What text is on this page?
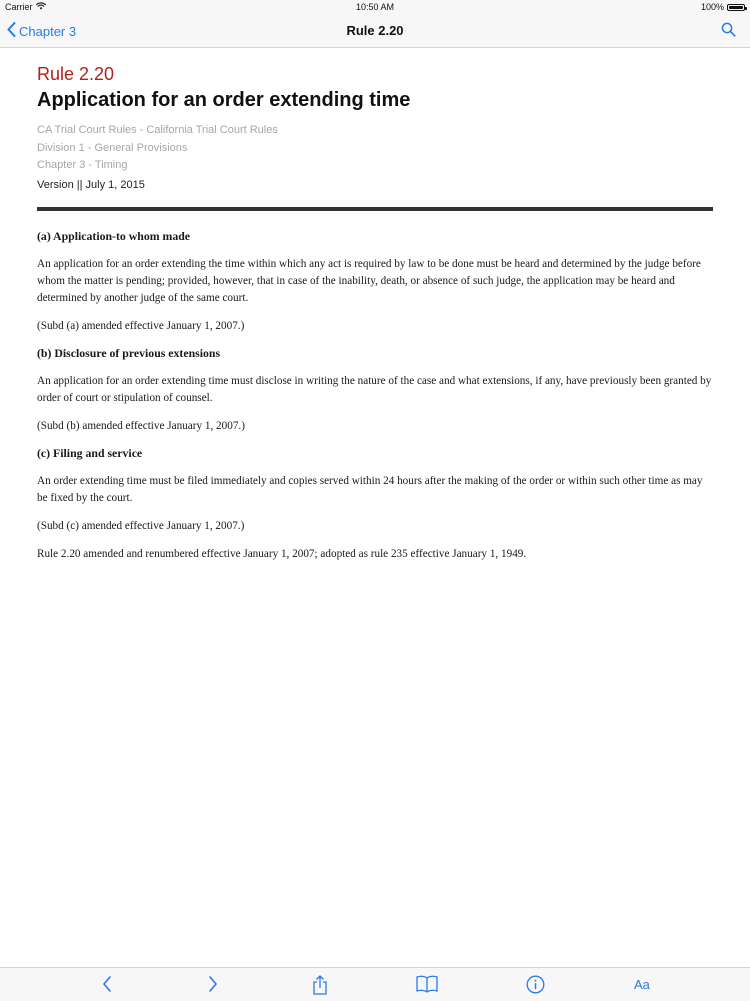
Carrier	10:50 AM	100%
Chapter 3	Rule 2.20
Rule 2.20
Application for an order extending time
CA Trial Court Rules - California Trial Court Rules
Division 1 - General Provisions
Chapter 3 - Timing
Version || July 1, 2015
(a) Application-to whom made

An application for an order extending the time within which any act is required by law to be done must be heard and determined by the judge before whom the matter is pending; provided, however, that in case of the inability, death, or absence of such judge, the application may be heard and determined by another judge of the same court.

(Subd (a) amended effective January 1, 2007.)

(b) Disclosure of previous extensions

An application for an order extending time must disclose in writing the nature of the case and what extensions, if any, have previously been granted by order of court or stipulation of counsel.

(Subd (b) amended effective January 1, 2007.)

(c) Filing and service

An order extending time must be filed immediately and copies served within 24 hours after the making of the order or within such other time as may be fixed by the court.

(Subd (c) amended effective January 1, 2007.)

Rule 2.20 amended and renumbered effective January 1, 2007; adopted as rule 235 effective January 1, 1949.

Aa
